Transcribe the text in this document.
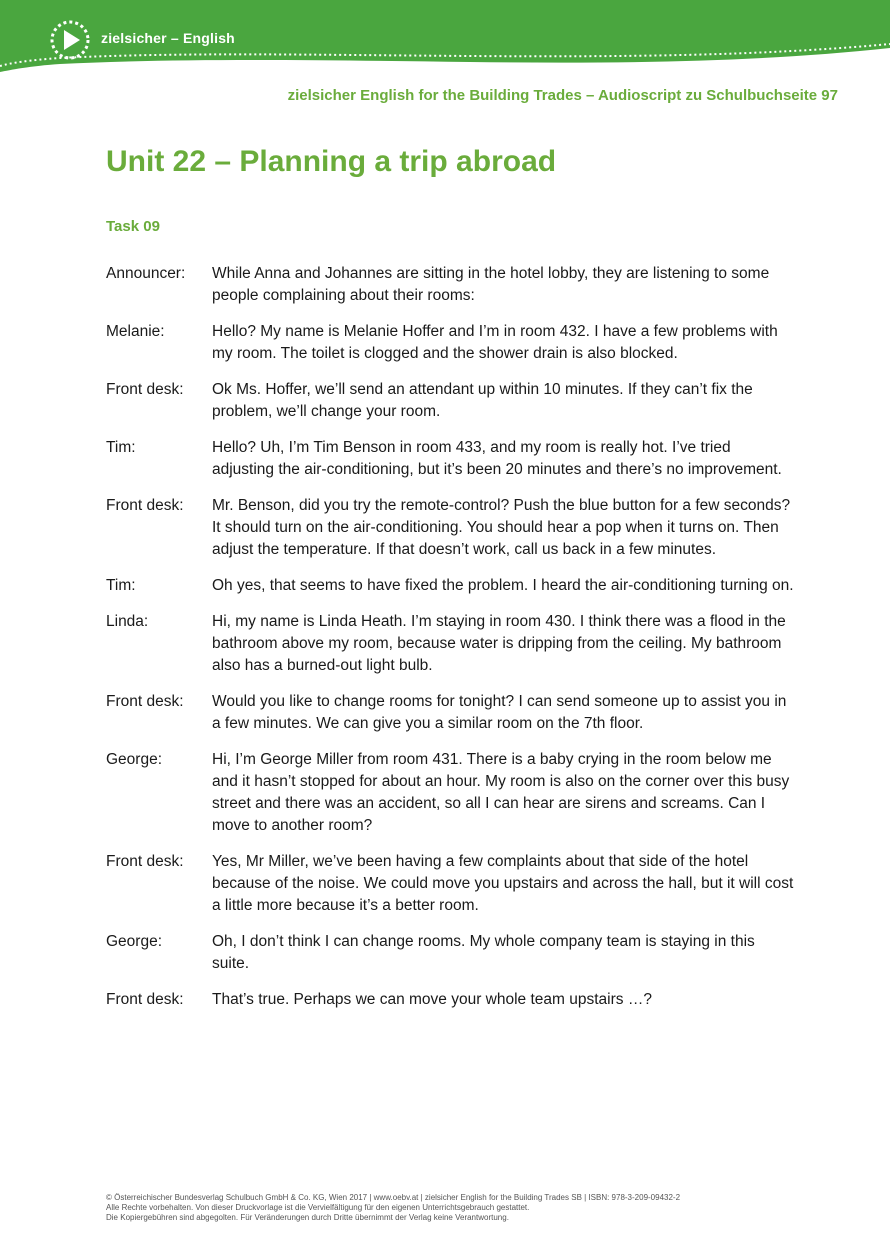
zielsicher – English
zielsicher English for the Building Trades – Audioscript zu Schulbuchseite 97
Unit 22 – Planning a trip abroad
Task 09
Announcer:	While Anna and Johannes are sitting in the hotel lobby, they are listening to some people complaining about their rooms:
Melanie:	Hello? My name is Melanie Hoffer and I’m in room 432. I have a few problems with my room. The toilet is clogged and the shower drain is also blocked.
Front desk:	Ok Ms. Hoffer, we’ll send an attendant up within 10 minutes. If they can’t fix the problem, we’ll change your room.
Tim:	Hello? Uh, I’m Tim Benson in room 433, and my room is really hot. I’ve tried adjusting the air-conditioning, but it’s been 20 minutes and there’s no improvement.
Front desk:	Mr. Benson, did you try the remote-control? Push the blue button for a few seconds? It should turn on the air-conditioning. You should hear a pop when it turns on. Then adjust the temperature. If that doesn’t work, call us back in a few minutes.
Tim:	Oh yes, that seems to have fixed the problem. I heard the air-conditioning turning on.
Linda:	Hi, my name is Linda Heath. I’m staying in room 430. I think there was a flood in the bathroom above my room, because water is dripping from the ceiling. My bathroom also has a burned-out light bulb.
Front desk:	Would you like to change rooms for tonight? I can send someone up to assist you in a few minutes. We can give you a similar room on the 7th floor.
George:	Hi, I’m George Miller from room 431. There is a baby crying in the room below me and it hasn’t stopped for about an hour. My room is also on the corner over this busy street and there was an accident, so all I can hear are sirens and screams. Can I move to another room?
Front desk:	Yes, Mr Miller, we’ve been having a few complaints about that side of the hotel because of the noise. We could move you upstairs and across the hall, but it will cost a little more because it’s a better room.
George:	Oh, I don’t think I can change rooms. My whole company team is staying in this suite.
Front desk:	That’s true. Perhaps we can move your whole team upstairs …?
© Österreichischer Bundesverlag Schulbuch GmbH & Co. KG, Wien 2017 | www.oebv.at | zielsicher English for the Building Trades SB | ISBN: 978-3-209-09432-2
Alle Rechte vorbehalten. Von dieser Druckvorlage ist die Vervielfältigung für den eigenen Unterrichtsgebrauch gestattet.
Die Kopiergebühren sind abgegolten. Für Veränderungen durch Dritte übernimmt der Verlag keine Verantwortung.
